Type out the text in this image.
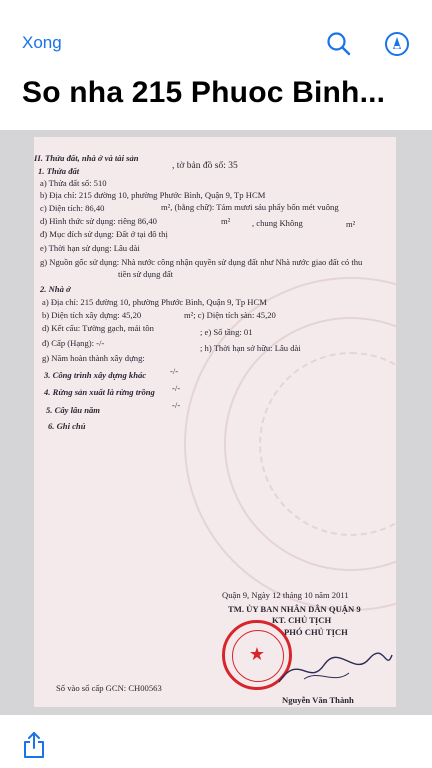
Xong
So nha 215 Phuoc Binh...
II. Thửa đất, nhà ở và tài sản
, tờ bản đồ số: 35
1. Thửa đất
a) Thửa đất số: 510
b) Địa chỉ: 215 đường 10, phường Phước Bình, Quận 9, Tp HCM
c) Diện tích: 86,40	m², (bằng chữ): Tám mươi sáu phẩy bốn mét vuông
d) Hình thức sử dụng: riêng 86,40	m²	, chung Không	m²
đ) Mục đích sử dụng: Đất ở tại đô thị
e) Thời hạn sử dụng: Lâu dài
g) Nguồn gốc sử dụng: Nhà nước công nhận quyền sử dụng đất như Nhà nước giao đất có thu
tiền sử dụng đất
2. Nhà ở
a) Địa chỉ: 215 đường 10, phường Phước Bình, Quận 9, Tp HCM
b) Diện tích xây dựng: 45,20	m²; c) Diện tích sàn: 45,20
d) Kết cấu: Tường gạch, mái tôn	; e) Số tầng: 01
đ) Cấp (Hạng): -/-
g) Năm hoàn thành xây dựng:
; h) Thời hạn sở hữu: Lâu dài
3. Công trình xây dựng khác	-/-
4. Rừng sản xuất là rừng trồng -/-
5. Cây lâu năm	-/-
6. Ghi chú
Quận 9, Ngày 12 tháng 10 năm 2011
TM. ỦY BAN NHÂN DÂN QUẬN 9
KT. CHỦ TỊCH
PHÓ CHỦ TỊCH
★
Số vào sổ cấp GCN: CH00563
Nguyễn Văn Thành
